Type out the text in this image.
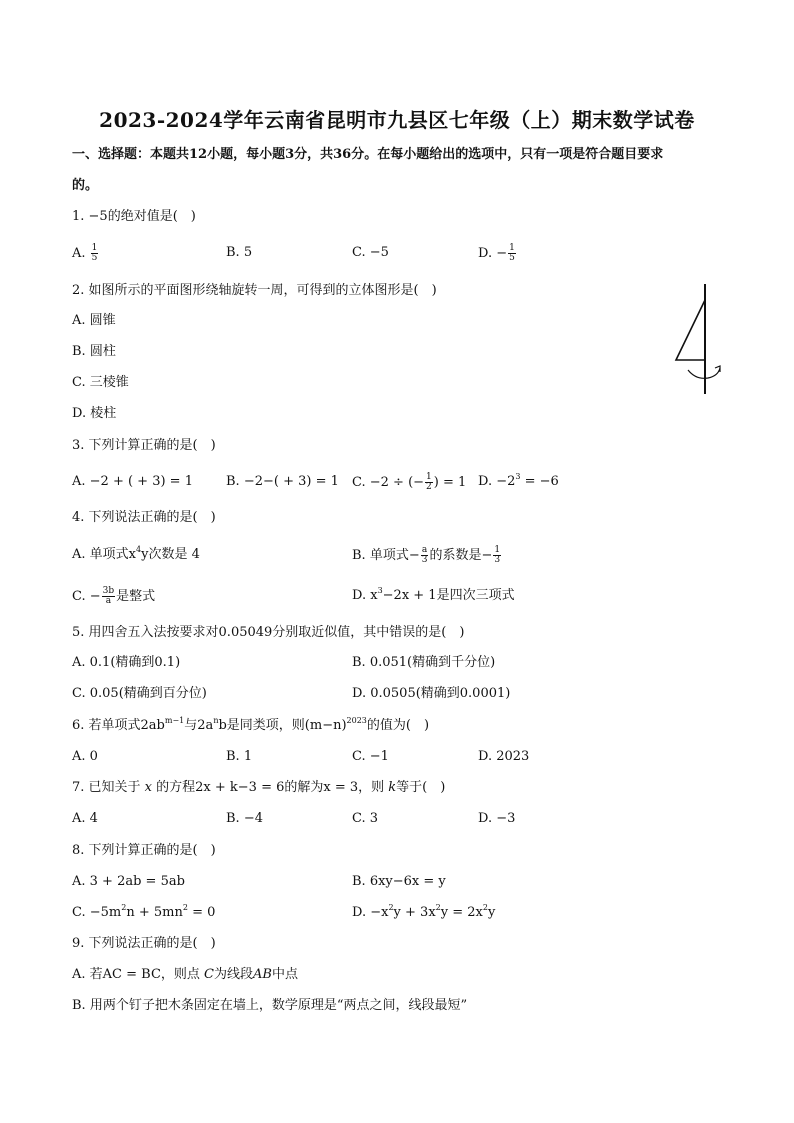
2023-2024学年云南省昆明市九县区七年级（上）期末数学试卷
一、选择题：本题共12小题，每小题3分，共36分。在每小题给出的选项中，只有一项是符合题目要求
的。
1. −5的绝对值是(　)
A. $\frac{1}{5}$	B. 5	C. −5	D. − $\frac{1}{5}$
2. 如图所示的平面图形绕轴旋转一周，可得到的立体图形是(　)
A. 圆锥
B. 圆柱
C. 三棱锥
D. 棱柱
3. 下列计算正确的是(　)
A. −2 + ( + 3) = 1	B. −2−( + 3) = 1 C. −2 ÷ (− $\frac{1}{2}$ ) = 1 D. $-2^3 = -6$
4. 下列说法正确的是(　)
A. 单项式$x^4y$次数是 4	B. 单项式− $\frac{a}{3}$ 的系数是− $\frac{1}{3}$
C. − $\frac{3b}{a}$ 是整式	D. $x^3-2x + 1$是四次三项式
5. 用四舍五入法按要求对0.05049分别取近似值，其中错误的是(　)
A. 0.1(精确到0.1)	B. 0.051(精确到千分位)
C. 0.05(精确到百分位)	D. 0.0505(精确到0.0001)
6. 若单项式$2ab^{m-1}$与$2a^nb$是同类项，则$(m-n)^{2023}$的值为(　)
A. 0	B. 1	C. −1	D. 2023
7. 已知关于 x 的方程2x + k−3 = 6的解为x = 3，则 k等于(　)
A. 4	B. −4	C. 3	D. −3
8. 下列计算正确的是(　)
A. 3 + 2ab = 5ab	B. 6xy−6x = y
C. $-5m^2n + 5mn^2 = 0$	D. $-x^2y + 3x^2y = 2x^2y$
9. 下列说法正确的是(　)
A. 若AC = BC，则点 C为线段AB中点
B. 用两个钉子把木条固定在墙上，数学原理是“两点之间，线段最短”
